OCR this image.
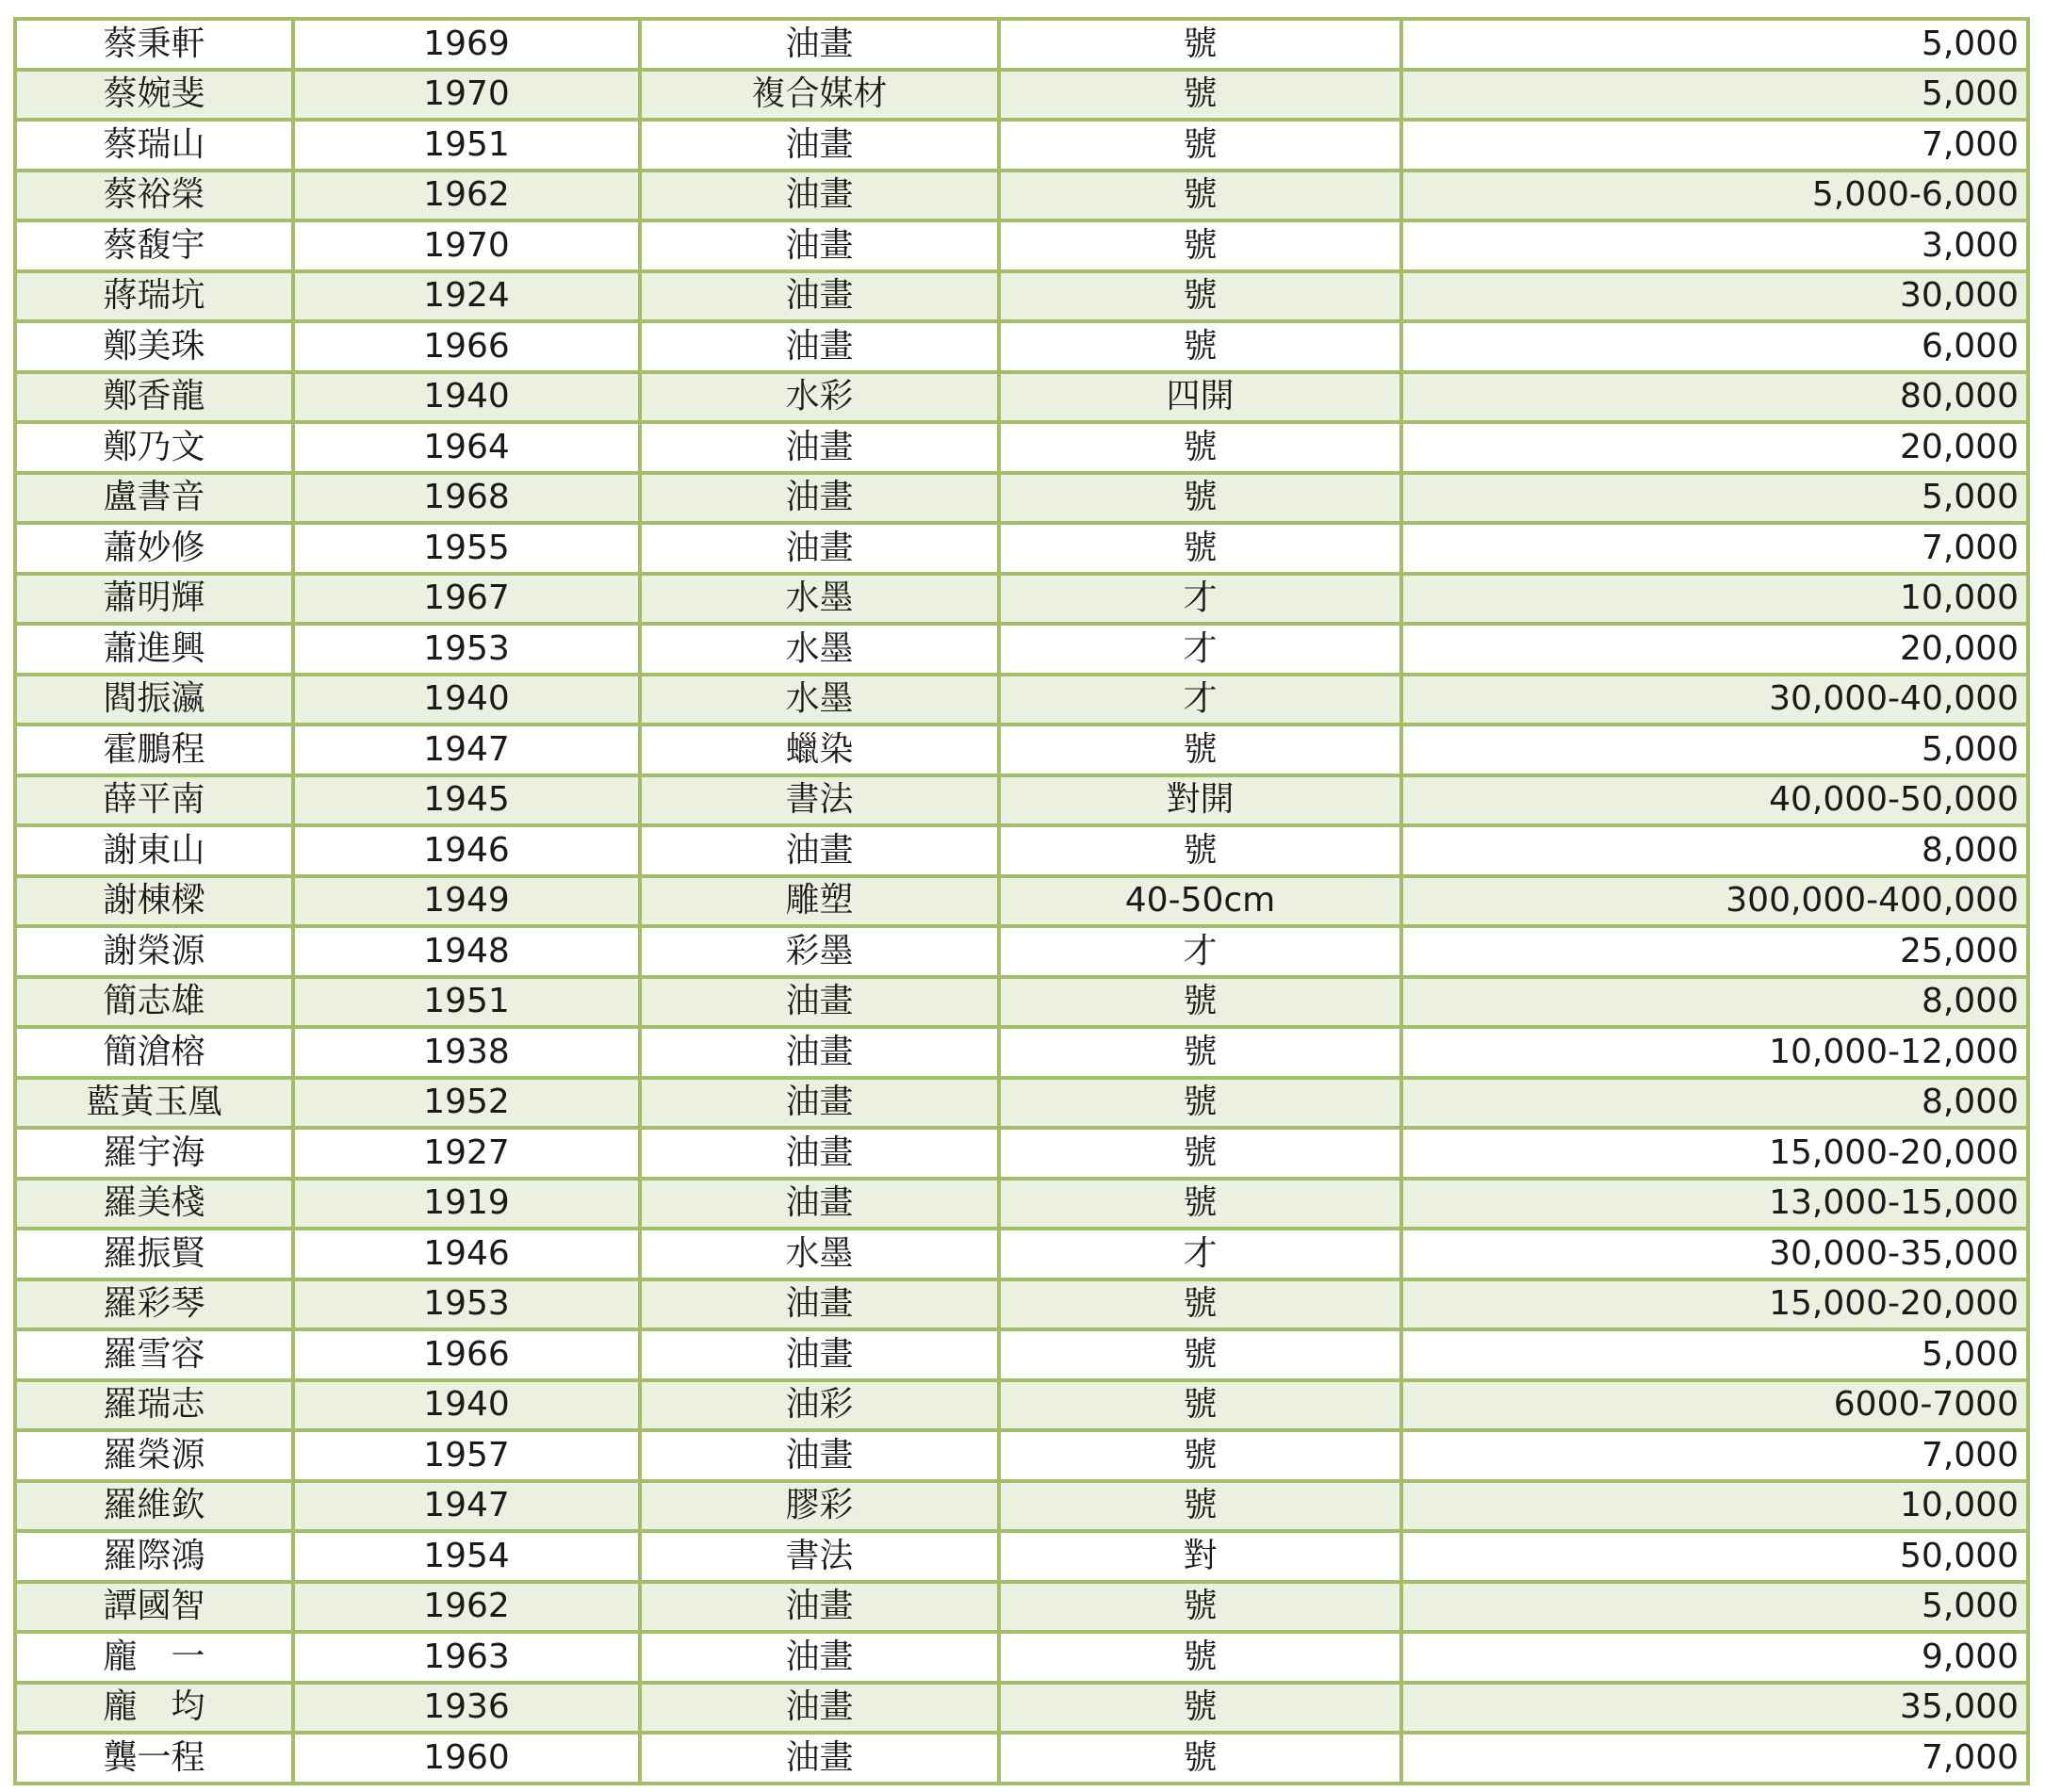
蔡秉軒	1969	油畫	號	5,000
蔡婉斐	1970	複合媒材	號	5,000
蔡瑞山	1951	油畫	號	7,000
蔡裕榮	1962	油畫	號	5,000-6,000
蔡馥宇	1970	油畫	號	3,000
蔣瑞坑	1924	油畫	號	30,000
鄭美珠	1966	油畫	號	6,000
鄭香龍	1940	水彩	四開	80,000
鄭乃文	1964	油畫	號	20,000
盧書音	1968	油畫	號	5,000
蕭妙修	1955	油畫	號	7,000
蕭明輝	1967	水墨	才	10,000
蕭進興	1953	水墨	才	20,000
閻振瀛	1940	水墨	才	30,000-40,000
霍鵬程	1947	蠟染	號	5,000
薛平南	1945	書法	對開	40,000-50,000
謝東山	1946	油畫	號	8,000
謝棟樑	1949	雕塑	40-50cm	300,000-400,000
謝榮源	1948	彩墨	才	25,000
簡志雄	1951	油畫	號	8,000
簡滄榕	1938	油畫	號	10,000-12,000
藍黃玉凰	1952	油畫	號	8,000
羅宇海	1927	油畫	號	15,000-20,000
羅美棧	1919	油畫	號	13,000-15,000
羅振賢	1946	水墨	才	30,000-35,000
羅彩琴	1953	油畫	號	15,000-20,000
羅雪容	1966	油畫	號	5,000
羅瑞志	1940	油彩	號	6000-7000
羅榮源	1957	油畫	號	7,000
羅維欽	1947	膠彩	號	10,000
羅際鴻	1954	書法	對	50,000
譚國智	1962	油畫	號	5,000
龐　一	1963	油畫	號	9,000
龐　均	1936	油畫	號	35,000
龔一程	1960	油畫	號	7,000
